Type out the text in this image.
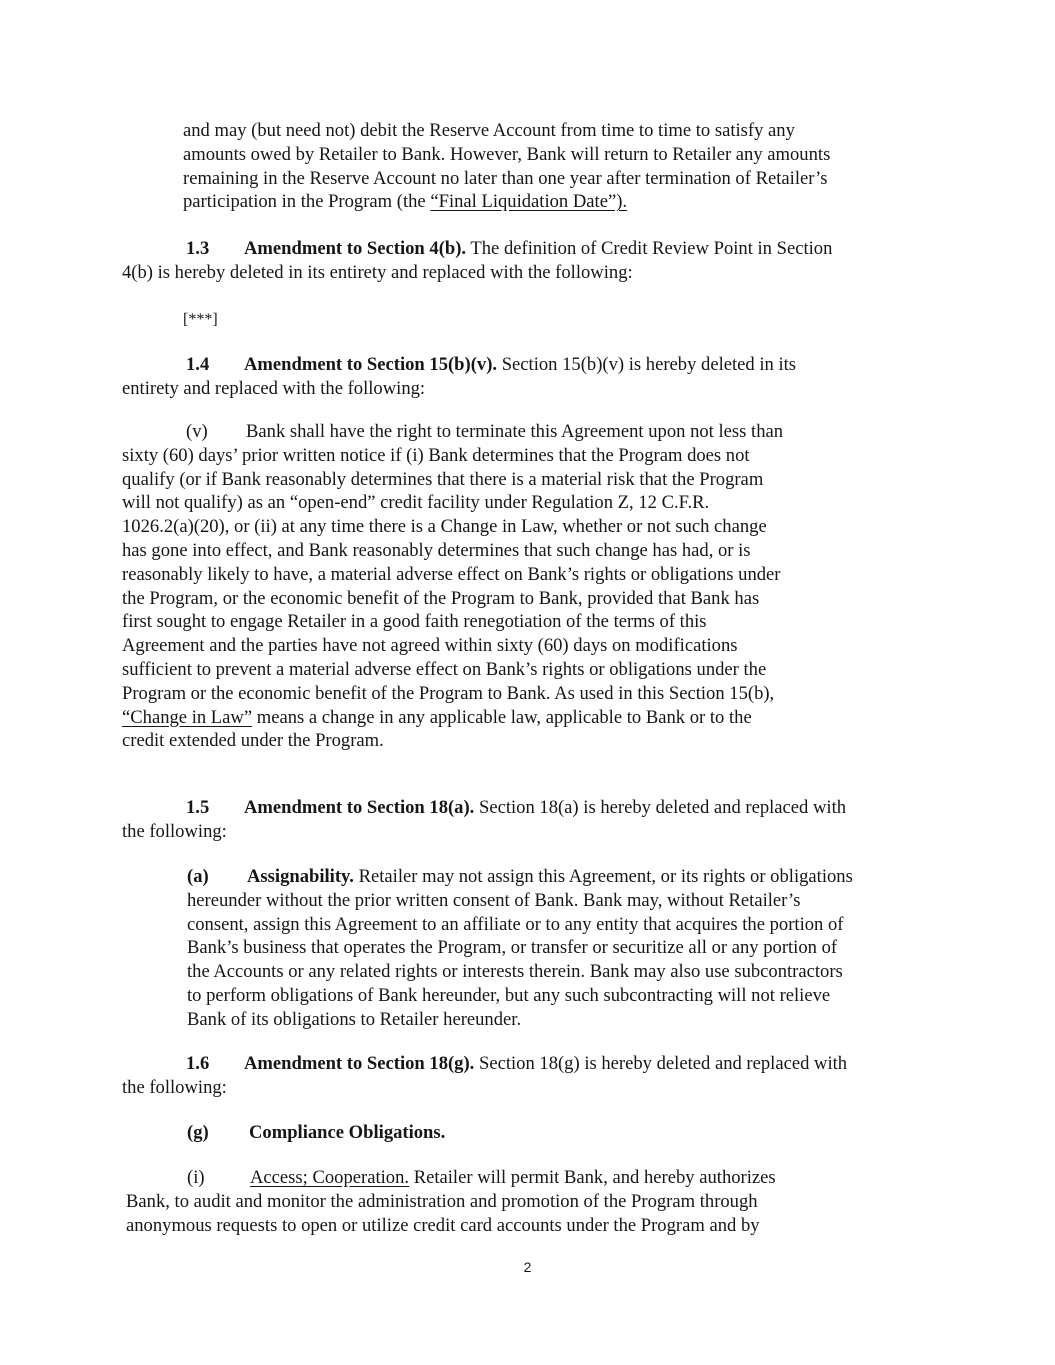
and may (but need not) debit the Reserve Account from time to time to satisfy any
amounts owed by Retailer to Bank. However, Bank will return to Retailer any amounts
remaining in the Reserve Account no later than one year after termination of Retailer’s
participation in the Program (the “Final Liquidation Date”).
1.3 Amendment to Section 4(b). The definition of Credit Review Point in Section
4(b) is hereby deleted in its entirety and replaced with the following:
[***]
1.4 Amendment to Section 15(b)(v). Section 15(b)(v) is hereby deleted in its
entirety and replaced with the following:
(v) Bank shall have the right to terminate this Agreement upon not less than
sixty (60) days’ prior written notice if (i) Bank determines that the Program does not
qualify (or if Bank reasonably determines that there is a material risk that the Program
will not qualify) as an “open-end” credit facility under Regulation Z, 12 C.F.R.
1026.2(a)(20), or (ii) at any time there is a Change in Law, whether or not such change
has gone into effect, and Bank reasonably determines that such change has had, or is
reasonably likely to have, a material adverse effect on Bank’s rights or obligations under
the Program, or the economic benefit of the Program to Bank, provided that Bank has
first sought to engage Retailer in a good faith renegotiation of the terms of this
Agreement and the parties have not agreed within sixty (60) days on modifications
sufficient to prevent a material adverse effect on Bank’s rights or obligations under the
Program or the economic benefit of the Program to Bank. As used in this Section 15(b),
“Change in Law” means a change in any applicable law, applicable to Bank or to the
credit extended under the Program.
1.5 Amendment to Section 18(a). Section 18(a) is hereby deleted and replaced with
the following:
(a) Assignability. Retailer may not assign this Agreement, or its rights or obligations
hereunder without the prior written consent of Bank. Bank may, without Retailer’s
consent, assign this Agreement to an affiliate or to any entity that acquires the portion of
Bank’s business that operates the Program, or transfer or securitize all or any portion of
the Accounts or any related rights or interests therein. Bank may also use subcontractors
to perform obligations of Bank hereunder, but any such subcontracting will not relieve
Bank of its obligations to Retailer hereunder.
1.6 Amendment to Section 18(g). Section 18(g) is hereby deleted and replaced with
the following:
(g) Compliance Obligations.
(i) Access; Cooperation. Retailer will permit Bank, and hereby authorizes
Bank, to audit and monitor the administration and promotion of the Program through
anonymous requests to open or utilize credit card accounts under the Program and by
2
